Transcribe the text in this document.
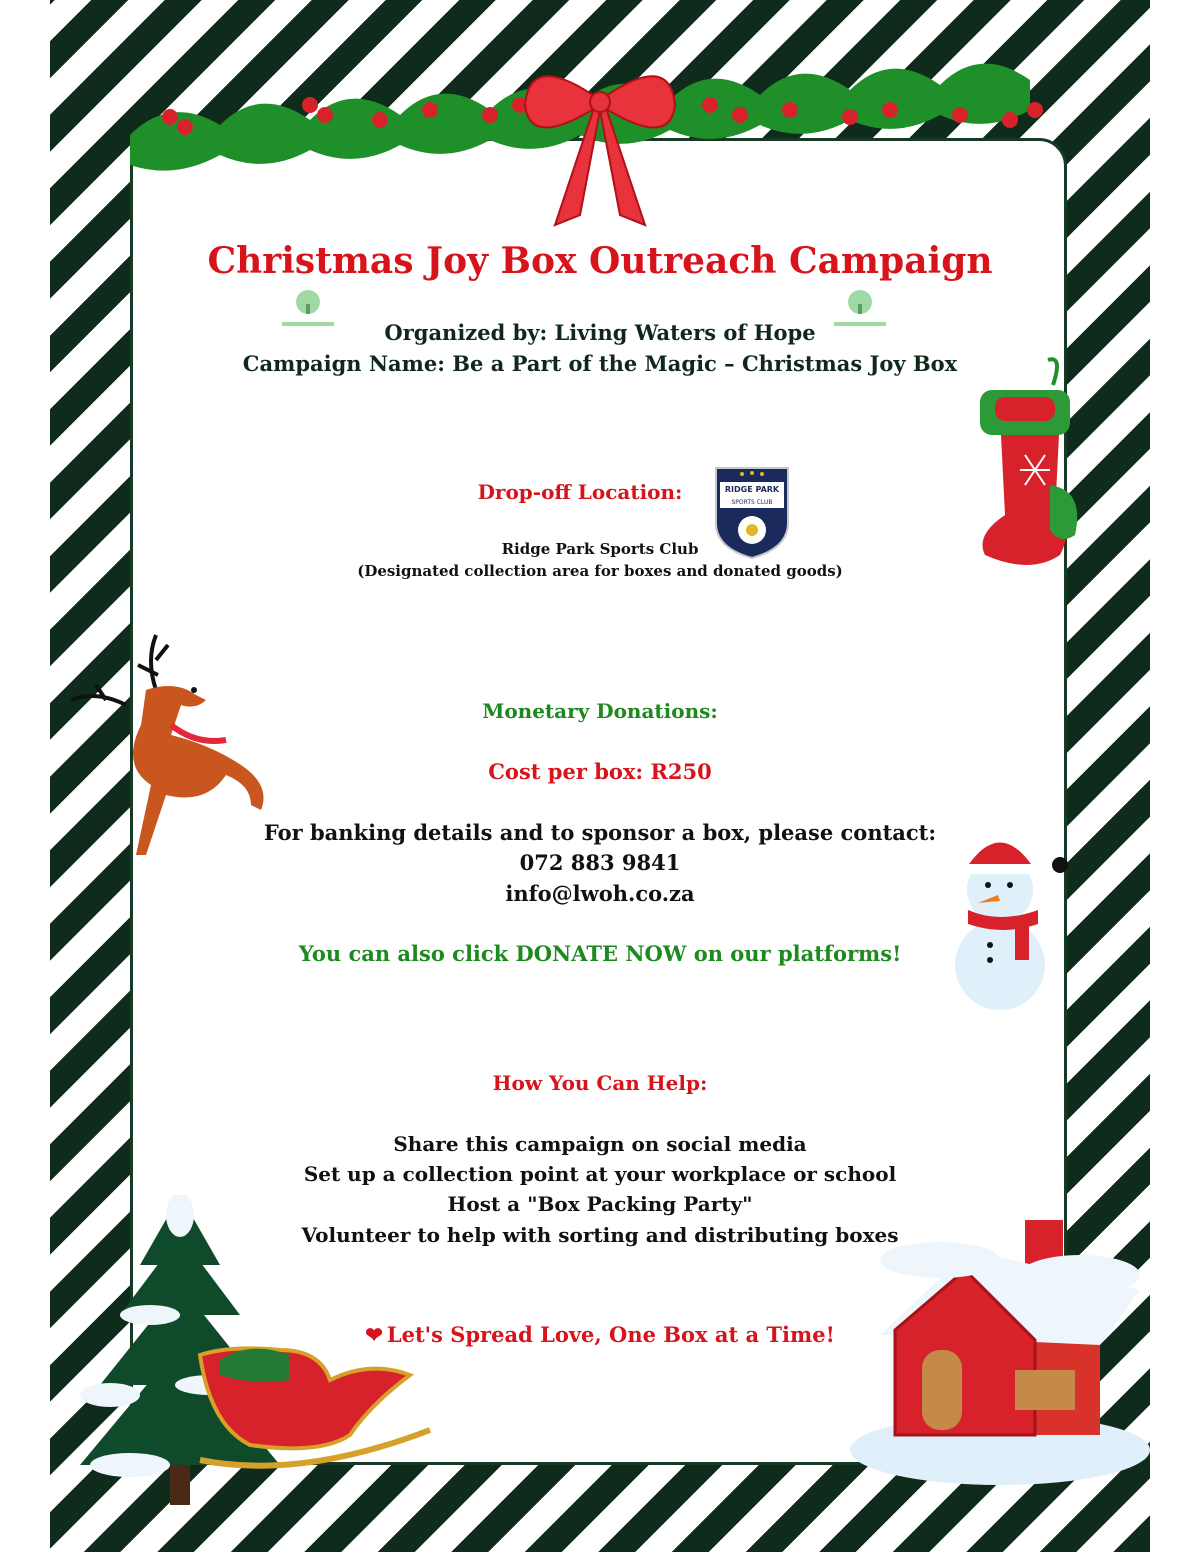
Christmas Joy Box Outreach Campaign
Organized by: Living Waters of Hope
Campaign Name: Be a Part of the Magic – Christmas Joy Box
Drop-off Location:	RIDGE PARK
SPORTS CLUB
Ridge Park Sports Club
(Designated collection area for boxes and donated goods)
Monetary Donations:
Cost per box: R250
For banking details and to sponsor a box, please contact:
072 883 9841
info@lwoh.co.za
You can also click DONATE NOW on our platforms!
How You Can Help:
Share this campaign on social media
Set up a collection point at your workplace or school
Host a "Box Packing Party"
Volunteer to help with sorting and distributing boxes
❤ Let's Spread Love, One Box at a Time!
